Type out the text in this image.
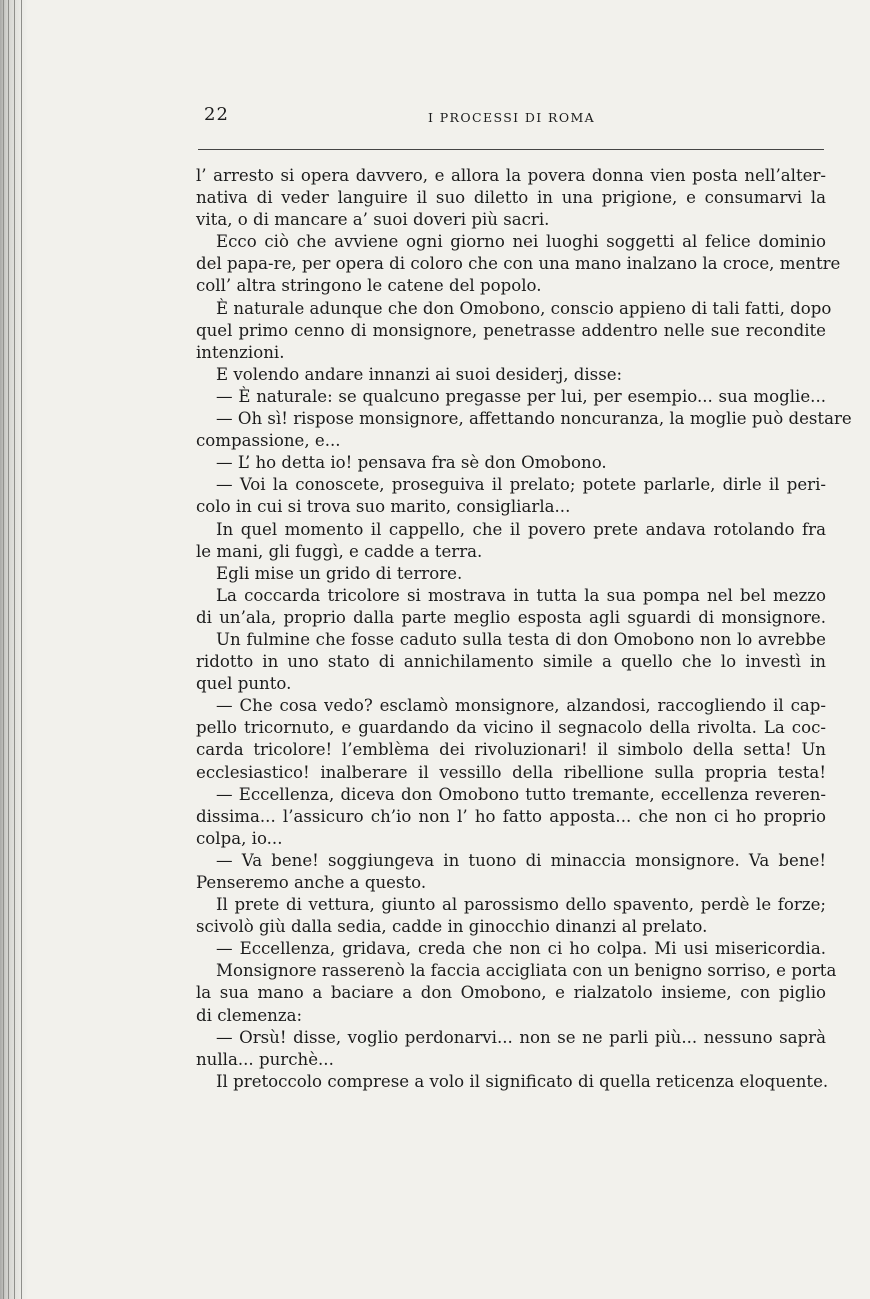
22	I PROCESSI DI ROMA
l’ arresto si opera davvero, e allora la povera donna vien posta nell’alter-
nativa di veder languire il suo diletto in una prigione, e consumarvi la
vita, o di mancare a’ suoi doveri più sacri.
Ecco ciò che avviene ogni giorno nei luoghi soggetti al felice dominio
del papa-re, per opera di coloro che con una mano inalzano la croce, mentre
coll’ altra stringono le catene del popolo.
È naturale adunque che don Omobono, conscio appieno di tali fatti, dopo
quel primo cenno di monsignore, penetrasse addentro nelle sue recondite
intenzioni.
E volendo andare innanzi ai suoi desiderj, disse:
— È naturale: se qualcuno pregasse per lui, per esempio... sua moglie...
— Oh sì! rispose monsignore, affettando noncuranza, la moglie può destare
compassione, e...
— L’ ho detta io! pensava fra sè don Omobono.
— Voi la conoscete, proseguiva il prelato; potete parlarle, dirle il peri-
colo in cui si trova suo marito, consigliarla...
In quel momento il cappello, che il povero prete andava rotolando fra
le mani, gli fuggì, e cadde a terra.
Egli mise un grido di terrore.
La coccarda tricolore si mostrava in tutta la sua pompa nel bel mezzo
di un’ala, proprio dalla parte meglio esposta agli sguardi di monsignore.
Un fulmine che fosse caduto sulla testa di don Omobono non lo avrebbe
ridotto in uno stato di annichilamento simile a quello che lo investì in
quel punto.
— Che cosa vedo? esclamò monsignore, alzandosi, raccogliendo il cap-
pello tricornuto, e guardando da vicino il segnacolo della rivolta. La coc-
carda tricolore! l’emblèma dei rivoluzionari! il simbolo della setta! Un
ecclesiastico! inalberare il vessillo della ribellione sulla propria testa!
— Eccellenza, diceva don Omobono tutto tremante, eccellenza reveren-
dissima... l’assicuro ch’io non l’ ho fatto apposta... che non ci ho proprio
colpa, io...
— Va bene! soggiungeva in tuono di minaccia monsignore. Va bene!
Penseremo anche a questo.
Il prete di vettura, giunto al parossismo dello spavento, perdè le forze;
scivolò giù dalla sedia, cadde in ginocchio dinanzi al prelato.
— Eccellenza, gridava, creda che non ci ho colpa. Mi usi misericordia.
Monsignore rasserenò la faccia accigliata con un benigno sorriso, e porta
la sua mano a baciare a don Omobono, e rialzatolo insieme, con piglio
di clemenza:
— Orsù! disse, voglio perdonarvi... non se ne parli più... nessuno saprà
nulla... purchè...
Il pretoccolo comprese a volo il significato di quella reticenza eloquente.
